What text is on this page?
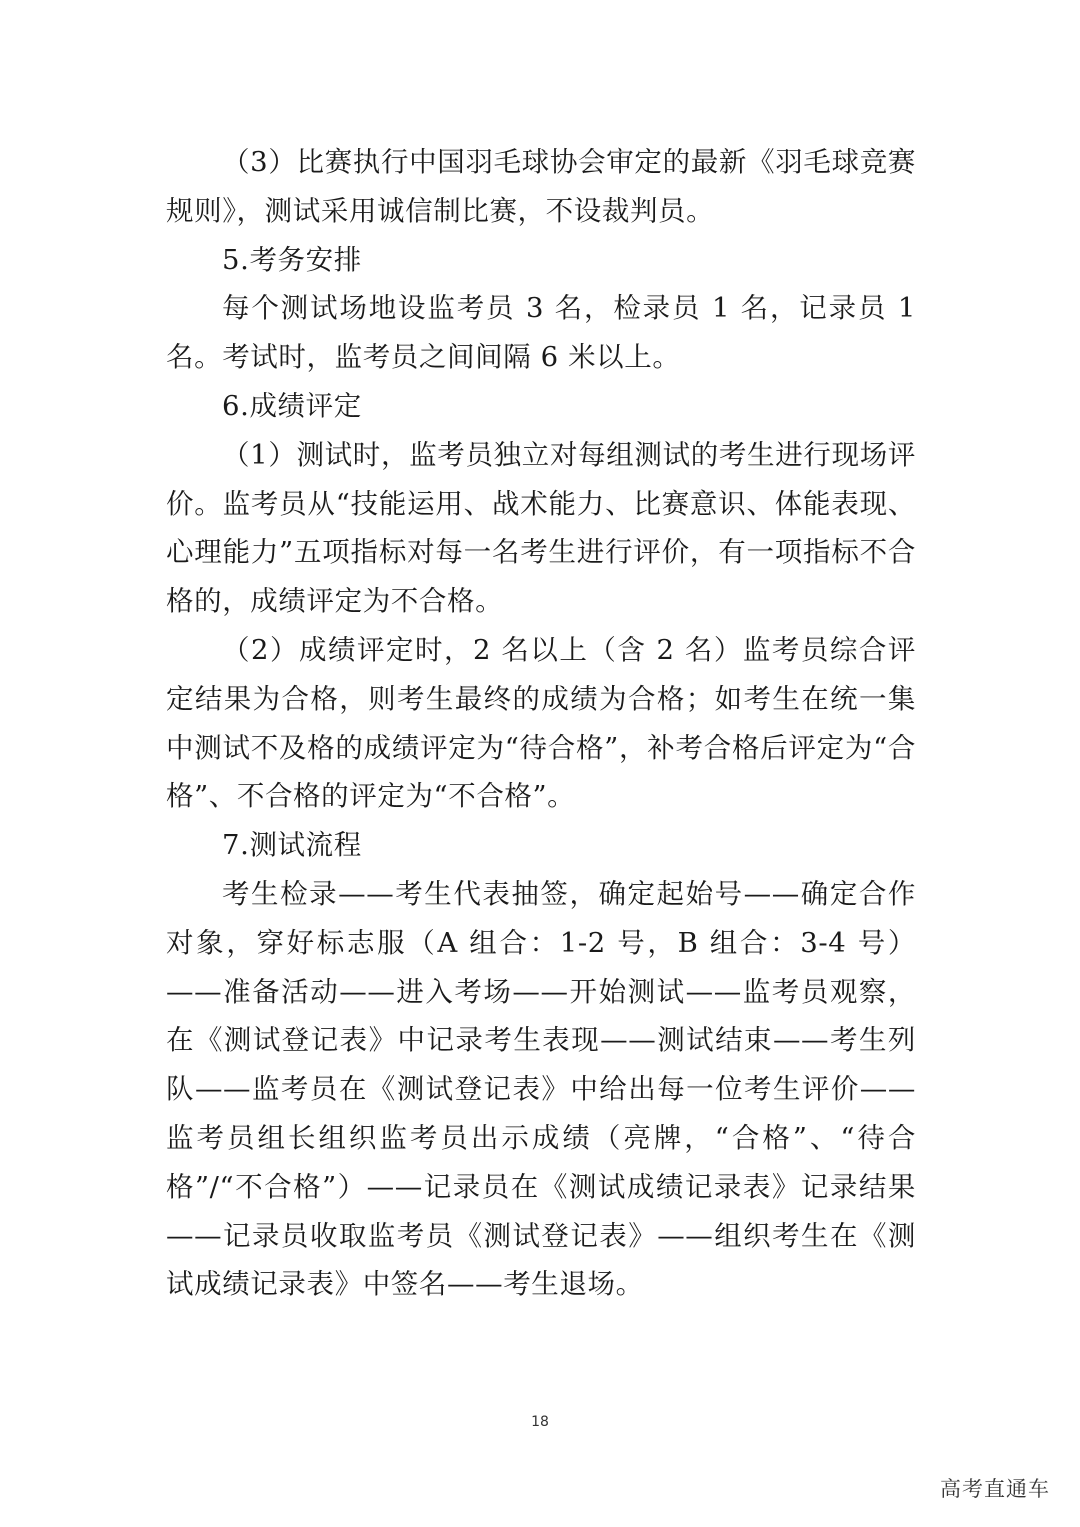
（3）比赛执行中国羽毛球协会审定的最新《羽毛球竞赛规则》，测试采用诚信制比赛，不设裁判员。

5.考务安排

每个测试场地设监考员 3 名，检录员 1 名，记录员 1 名。考试时，监考员之间间隔 6 米以上。

6.成绩评定

（1）测试时，监考员独立对每组测试的考生进行现场评价。监考员从“技能运用、战术能力、比赛意识、体能表现、心理能力”五项指标对每一名考生进行评价，有一项指标不合格的，成绩评定为不合格。

（2）成绩评定时，2 名以上（含 2 名）监考员综合评定结果为合格，则考生最终的成绩为合格；如考生在统一集中测试不及格的成绩评定为“待合格”，补考合格后评定为“合格”、不合格的评定为“不合格”。

7.测试流程

考生检录——考生代表抽签，确定起始号——确定合作对象，穿好标志服（A 组合：1-2 号，B 组合：3-4 号）——准备活动——进入考场——开始测试——监考员观察，在《测试登记表》中记录考生表现——测试结束——考生列队——监考员在《测试登记表》中给出每一位考生评价——监考员组长组织监考员出示成绩（亮牌，“合格”、“待合格”/“不合格”）——记录员在《测试成绩记录表》记录结果——记录员收取监考员《测试登记表》——组织考生在《测试成绩记录表》中签名——考生退场。

18
高考直通车
